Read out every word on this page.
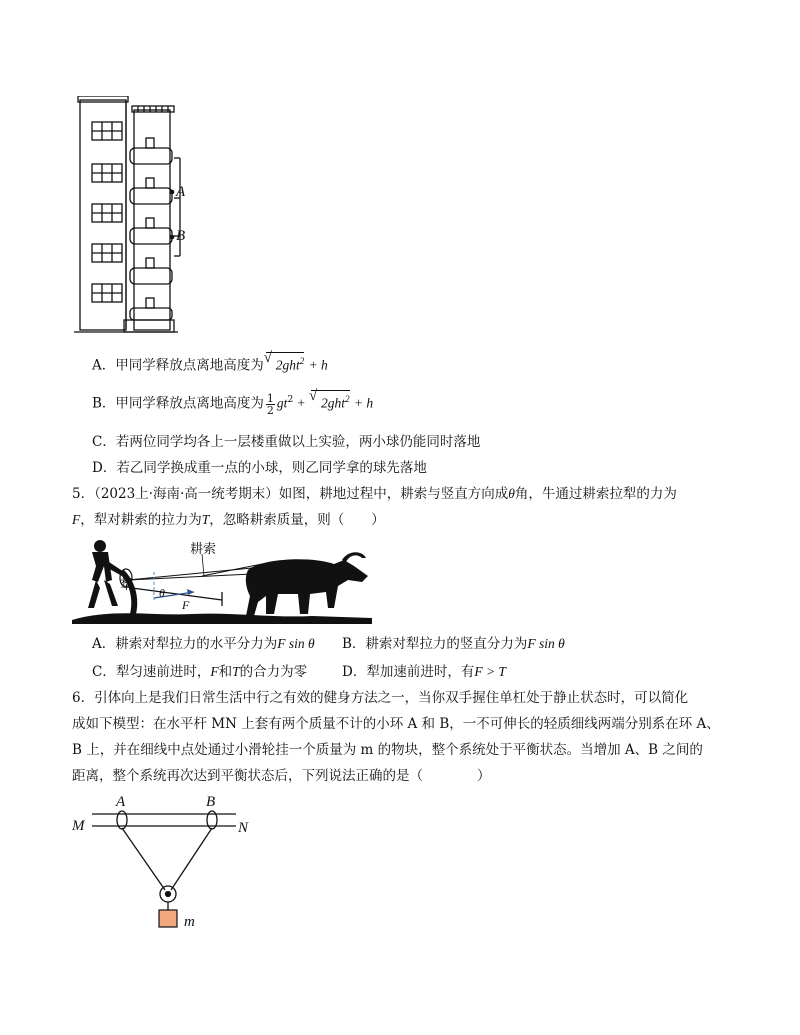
A
B
A．甲同学释放点离地高度为√ 2ght$^2$ + h
B．甲同学释放点离地高度为 $\frac{1}{2} gt^2$ + √ 2ght$^2$ + h
C．若两位同学均各上一层楼重做以上实验，两小球仍能同时落地
D．若乙同学换成重一点的小球，则乙同学拿的球先落地
5．（2023上·海南·高一统考期末）如图，耕地过程中，耕索与竖直方向成θ角，牛通过耕索拉犁的力为
F，犁对耕索的拉力为T，忽略耕索质量，则（　　）
耕索
犁 θ
F
A．耕索对犁拉力的水平分力为F sin θ B．耕索对犁拉力的竖直分力为F sin θ
C．犁匀速前进时，F和T的合力为零	D．犁加速前进时，有F > T
6．引体向上是我们日常生活中行之有效的健身方法之一，当你双手握住单杠处于静止状态时，可以简化
成如下模型：在水平杆 MN 上套有两个质量不计的小环 A 和 B，一不可伸长的轻质细线两端分别系在环 A、
B 上，并在细线中点处通过小滑轮挂一个质量为 m 的物块，整个系统处于平衡状态。当增加 A、B 之间的
距离，整个系统再次达到平衡状态后，下列说法正确的是（　　　　）
A	B
M	N
m
